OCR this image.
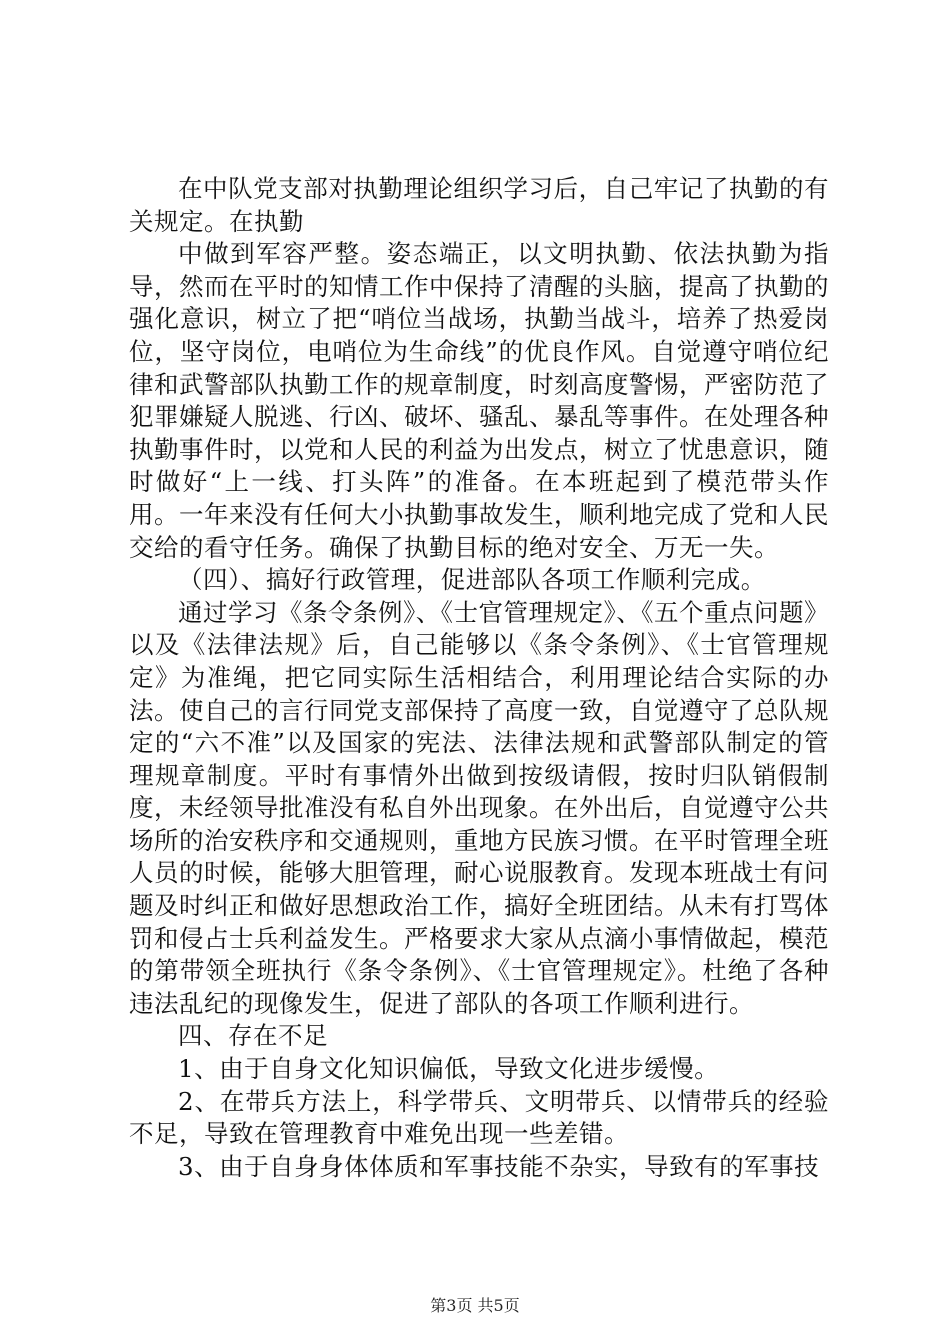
在中队党支部对执勤理论组织学习后，自己牢记了执勤的有关规定。在执勤

中做到军容严整。姿态端正，以文明执勤、依法执勤为指导，然而在平时的知情工作中保持了清醒的头脑，提高了执勤的强化意识，树立了把“哨位当战场，执勤当战斗，培养了热爱岗位，坚守岗位，电哨位为生命线”的优良作风。自觉遵守哨位纪律和武警部队执勤工作的规章制度，时刻高度警惕，严密防范了犯罪嫌疑人脱逃、行凶、破坏、骚乱、暴乱等事件。在处理各种执勤事件时，以党和人民的利益为出发点，树立了忧患意识，随时做好“上一线、打头阵”的准备。在本班起到了模范带头作用。一年来没有任何大小执勤事故发生，顺利地完成了党和人民交给的看守任务。确保了执勤目标的绝对安全、万无一失。

（四）、搞好行政管理，促进部队各项工作顺利完成。

通过学习《条令条例》、《士官管理规定》、《五个重点问题》以及《法律法规》后，自己能够以《条令条例》、《士官管理规定》为准绳，把它同实际生活相结合，利用理论结合实际的办法。使自己的言行同党支部保持了高度一致，自觉遵守了总队规定的“六不准”以及国家的宪法、法律法规和武警部队制定的管理规章制度。平时有事情外出做到按级请假，按时归队销假制度，未经领导批准没有私自外出现象。在外出后，自觉遵守公共场所的治安秩序和交通规则，重地方民族习惯。在平时管理全班人员的时候，能够大胆管理，耐心说服教育。发现本班战士有问题及时纠正和做好思想政治工作，搞好全班团结。从未有打骂体罚和侵占士兵利益发生。严格要求大家从点滴小事情做起，模范的第带领全班执行《条令条例》、《士官管理规定》。杜绝了各种违法乱纪的现像发生，促进了部队的各项工作顺利进行。

四、存在不足

1、由于自身文化知识偏低，导致文化进步缓慢。

2、在带兵方法上，科学带兵、文明带兵、以情带兵的经验不足，导致在管理教育中难免出现一些差错。

3、由于自身身体体质和军事技能不杂实，导致有的军事技

第3页 共5页
